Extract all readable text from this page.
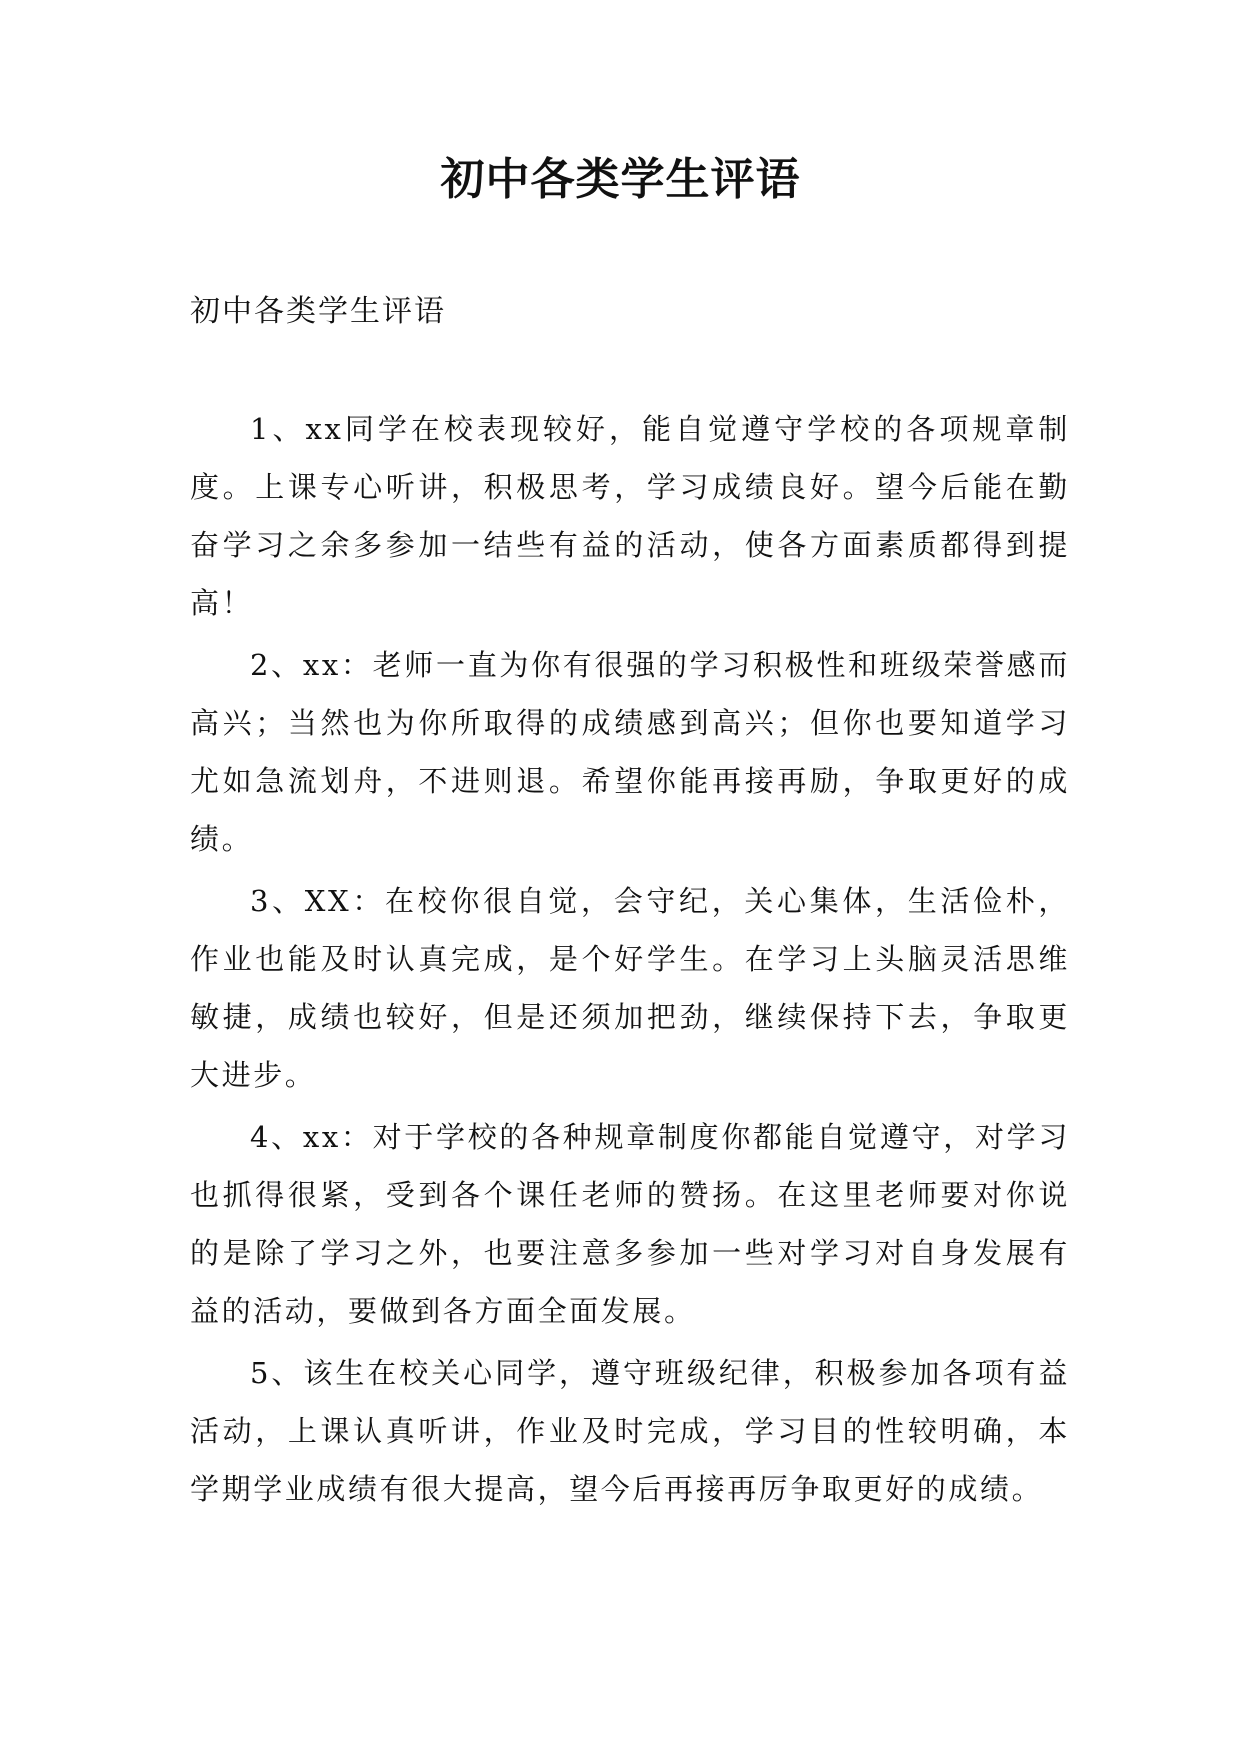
初中各类学生评语

初中各类学生评语

1、xx同学在校表现较好，能自觉遵守学校的各项规章制度。上课专心听讲，积极思考，学习成绩良好。望今后能在勤奋学习之余多参加一结些有益的活动，使各方面素质都得到提高！

2、xx：老师一直为你有很强的学习积极性和班级荣誉感而高兴；当然也为你所取得的成绩感到高兴；但你也要知道学习尤如急流划舟，不进则退。希望你能再接再励，争取更好的成绩。

3、XX：在校你很自觉，会守纪，关心集体，生活俭朴，作业也能及时认真完成，是个好学生。在学习上头脑灵活思维敏捷，成绩也较好，但是还须加把劲，继续保持下去，争取更大进步。

4、xx：对于学校的各种规章制度你都能自觉遵守，对学习也抓得很紧，受到各个课任老师的赞扬。在这里老师要对你说的是除了学习之外，也要注意多参加一些对学习对自身发展有益的活动，要做到各方面全面发展。

5、该生在校关心同学，遵守班级纪律，积极参加各项有益活动，上课认真听讲，作业及时完成，学习目的性较明确，本学期学业成绩有很大提高，望今后再接再厉争取更好的成绩。
